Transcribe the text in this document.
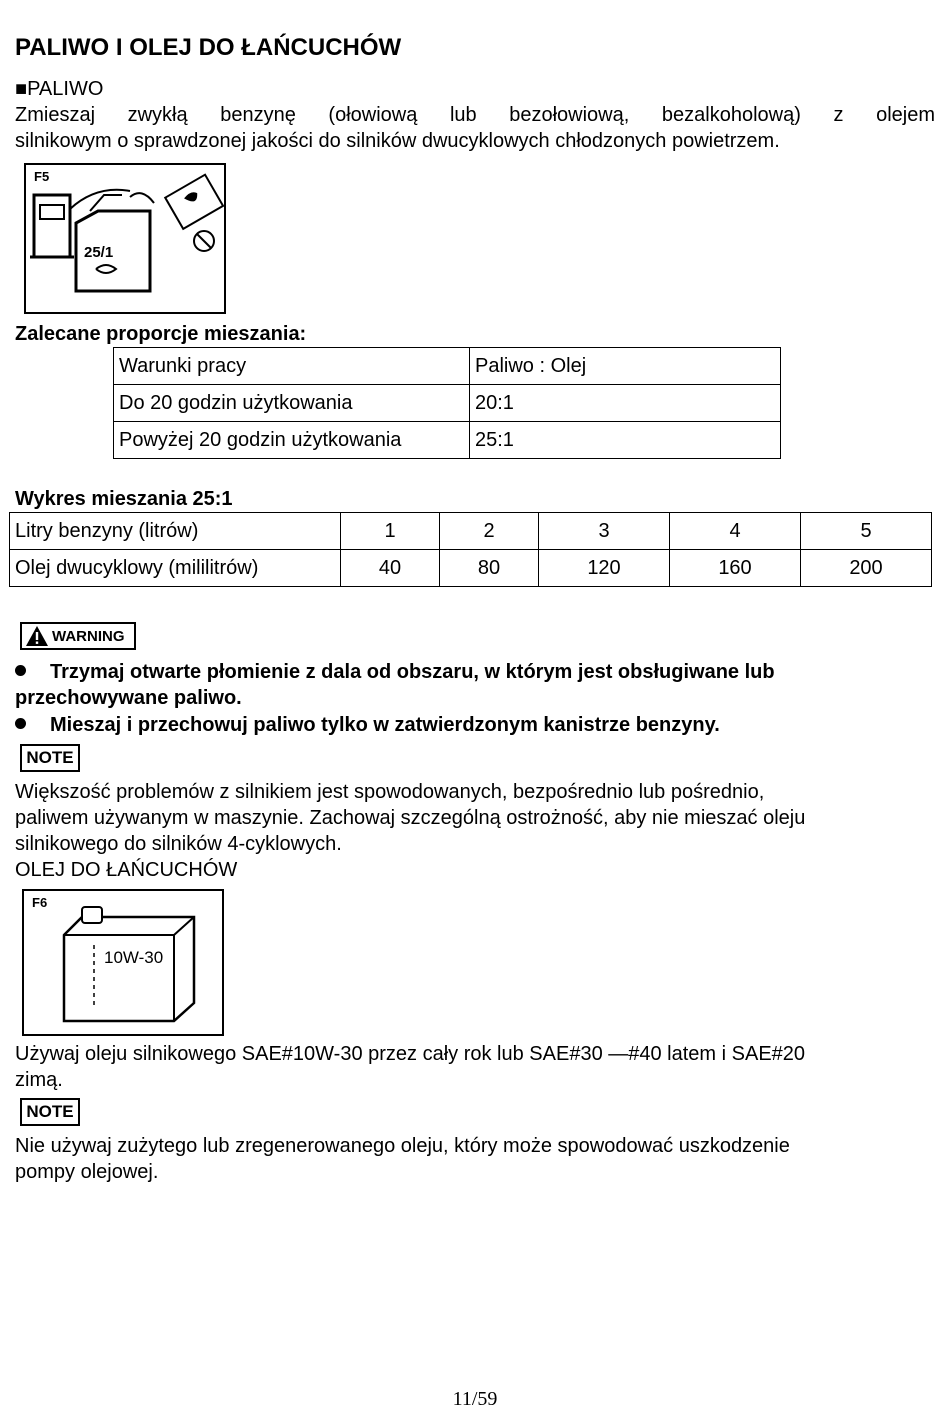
PALIWO I OLEJ DO ŁAŃCUCHÓW
■PALIWO
Zmieszaj zwykłą benzynę (ołowiową lub bezołowiową, bezalkoholową) z olejem
silnikowym o sprawdzonej jakości do silników dwucyklowych chłodzonych powietrzem.
F5
25/1
Zalecane proporcje mieszania:
Warunki pracy	Paliwo : Olej
Do 20 godzin użytkowania	20:1
Powyżej 20 godzin użytkowania	25:1
Wykres mieszania 25:1
Litry benzyny (litrów)	1	2	3	4	5
Olej dwucyklowy (mililitrów)	40	80	120	160	200
WARNING
Trzymaj otwarte płomienie z dala od obszaru, w którym jest obsługiwane lub
przechowywane paliwo.
Mieszaj i przechowuj paliwo tylko w zatwierdzonym kanistrze benzyny.
NOTE
Większość problemów z silnikiem jest spowodowanych, bezpośrednio lub pośrednio,
paliwem używanym w maszynie. Zachowaj szczególną ostrożność, aby nie mieszać oleju
silnikowego do silników 4-cyklowych.
OLEJ DO ŁAŃCUCHÓW
F6
10W-30
Używaj oleju silnikowego SAE#10W-30 przez cały rok lub SAE#30 —#40 latem i SAE#20
zimą.
NOTE
Nie używaj zużytego lub zregenerowanego oleju, który może spowodować uszkodzenie
pompy olejowej.
11/59
